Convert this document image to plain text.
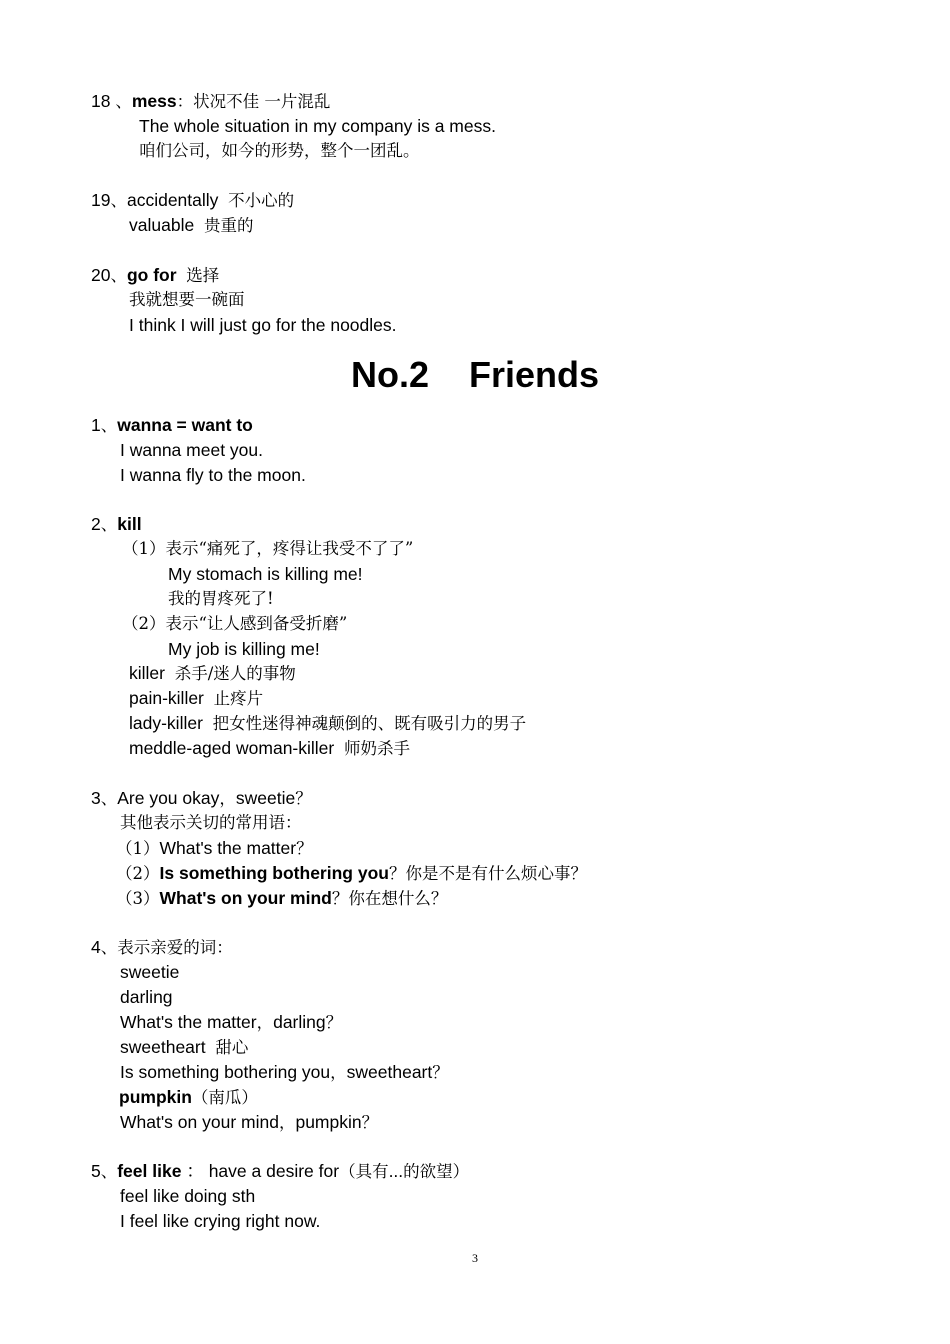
18 、mess：状况不佳 一片混乱
The whole situation in my company is a mess.
咱们公司，如今的形势，整个一团乱。
19、accidentally 不小心的
valuable 贵重的
20、go for 选择
我就想要一碗面
I think I will just go for the noodles.
No.2 Friends
1、wanna = want to
I wanna meet you.
I wanna fly to the moon.
2、kill
（1）表示“痛死了，疼得让我受不了了”
My stomach is killing me!
我的胃疼死了!
（2）表示“让人感到备受折磨”
My job is killing me!
killer 杀手/迷人的事物
pain-killer 止疼片
lady-killer 把女性迷得神魂颠倒的、既有吸引力的男子
meddle-aged woman-killer 师奶杀手
3、Are you okay，sweetie？
其他表示关切的常用语：
（1）What's the matter？
（2）Is something bothering you？你是不是有什么烦心事？
（3）What's on your mind？你在想什么？
4、表示亲爱的词：
sweetie
darling
What's the matter，darling？
sweetheart 甜心
Is something bothering you，sweetheart？
pumpkin（南瓜）
What's on your mind，pumpkin？
5、feel like ： have a desire for（具有...的欲望）
feel like doing sth
I feel like crying right now.
3
